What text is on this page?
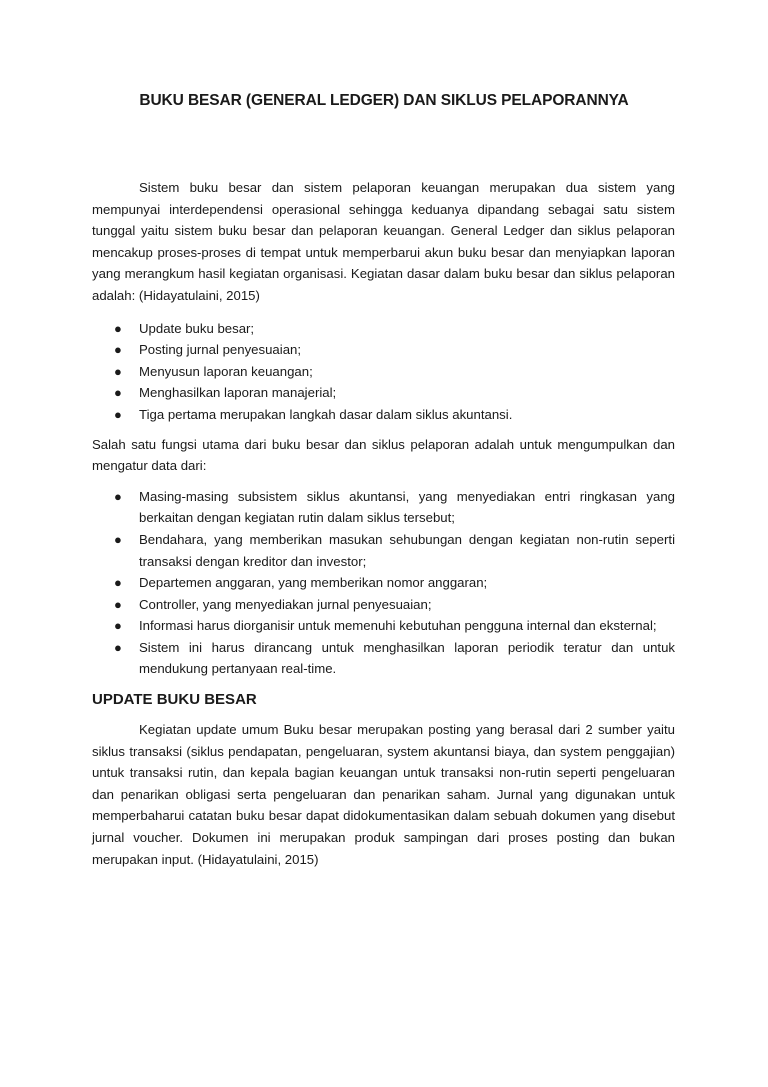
BUKU BESAR (GENERAL LEDGER) DAN SIKLUS PELAPORANNYA

Sistem buku besar dan sistem pelaporan keuangan merupakan dua sistem yang mempunyai interdependensi operasional sehingga keduanya dipandang sebagai satu sistem tunggal yaitu sistem buku besar dan pelaporan keuangan. General Ledger dan siklus pelaporan mencakup proses-proses di tempat untuk memperbarui akun buku besar dan menyiapkan laporan yang merangkum hasil kegiatan organisasi. Kegiatan dasar dalam buku besar dan siklus pelaporan adalah: (Hidayatulaini, 2015)

● Update buku besar;
● Posting jurnal penyesuaian;
● Menyusun laporan keuangan;
● Menghasilkan laporan manajerial;
● Tiga pertama merupakan langkah dasar dalam siklus akuntansi.

Salah satu fungsi utama dari buku besar dan siklus pelaporan adalah untuk mengumpulkan dan mengatur data dari:

● Masing-masing subsistem siklus akuntansi, yang menyediakan entri ringkasan yang berkaitan dengan kegiatan rutin dalam siklus tersebut;
● Bendahara, yang memberikan masukan sehubungan dengan kegiatan non-rutin seperti transaksi dengan kreditor dan investor;
● Departemen anggaran, yang memberikan nomor anggaran;
● Controller, yang menyediakan jurnal penyesuaian;
● Informasi harus diorganisir untuk memenuhi kebutuhan pengguna internal dan eksternal;
● Sistem ini harus dirancang untuk menghasilkan laporan periodik teratur dan untuk mendukung pertanyaan real-time.
UPDATE BUKU BESAR

Kegiatan update umum Buku besar merupakan posting yang berasal dari 2 sumber yaitu siklus transaksi (siklus pendapatan, pengeluaran, system akuntansi biaya, dan system penggajian) untuk transaksi rutin, dan kepala bagian keuangan untuk transaksi non-rutin seperti pengeluaran dan penarikan obligasi serta pengeluaran dan penarikan saham. Jurnal yang digunakan untuk memperbaharui catatan buku besar dapat didokumentasikan dalam sebuah dokumen yang disebut jurnal voucher. Dokumen ini merupakan produk sampingan dari proses posting dan bukan merupakan input. (Hidayatulaini, 2015)
